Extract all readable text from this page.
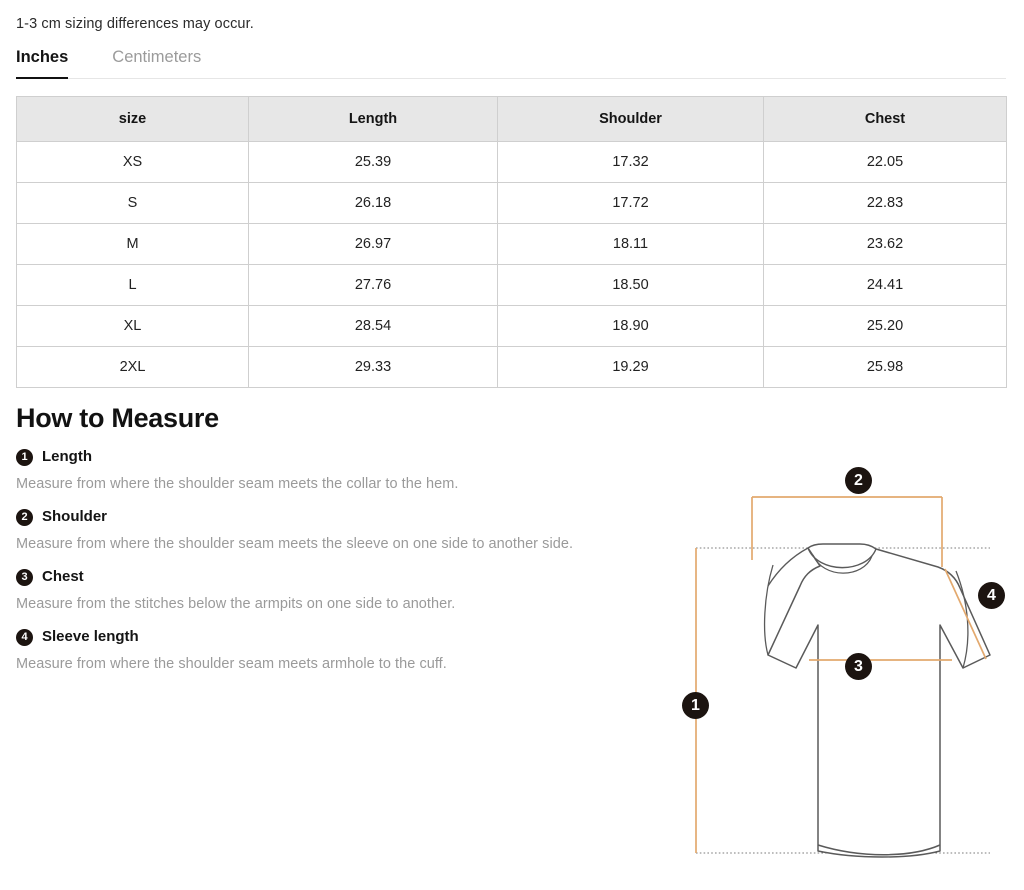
1-3 cm sizing differences may occur.
Inches	Centimeters
size	Length	Shoulder	Chest
XS	25.39	17.32	22.05
S	26.18	17.72	22.83
M	26.97	18.11	23.62
L	27.76	18.50	24.41
XL	28.54	18.90	25.20
2XL	29.33	19.29	25.98
How to Measure
1 Length

Measure from where the shoulder seam meets the collar to the hem.

2 Shoulder

Measure from where the shoulder seam meets the sleeve on one side to another side.

3 Chest

Measure from the stitches below the armpits on one side to another.

4 Sleeve length

Measure from where the shoulder seam meets armhole to the cuff.

1
2
3
4
